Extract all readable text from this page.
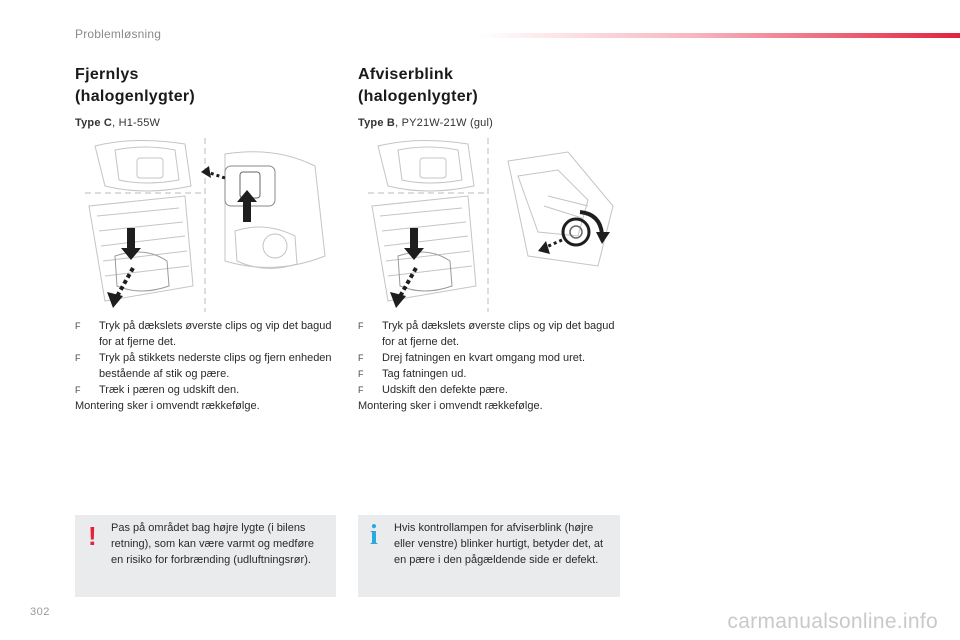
Problemløsning
Fjernlys
(halogenlygter)
Type C, H1-55W
F Tryk på dækslets øverste clips og vip det bagud for at fjerne det.
F Tryk på stikkets nederste clips og fjern enheden bestående af stik og pære.
F Træk i pæren og udskift den.
Montering sker i omvendt rækkefølge.
Afviserblink
(halogenlygter)
Type B, PY21W-21W (gul)
F Tryk på dækslets øverste clips og vip det bagud for at fjerne det.
F Drej fatningen en kvart omgang mod uret.
F Tag fatningen ud.
F Udskift den defekte pære.
Montering sker i omvendt rækkefølge.
! Pas på området bag højre lygte (i bilens retning), som kan være varmt og medføre en risiko for forbrænding (udluftningsrør).
i Hvis kontrollampen for afviserblink (højre eller venstre) blinker hurtigt, betyder det, at en pære i den pågældende side er defekt.
302	carmanualsonline.info
